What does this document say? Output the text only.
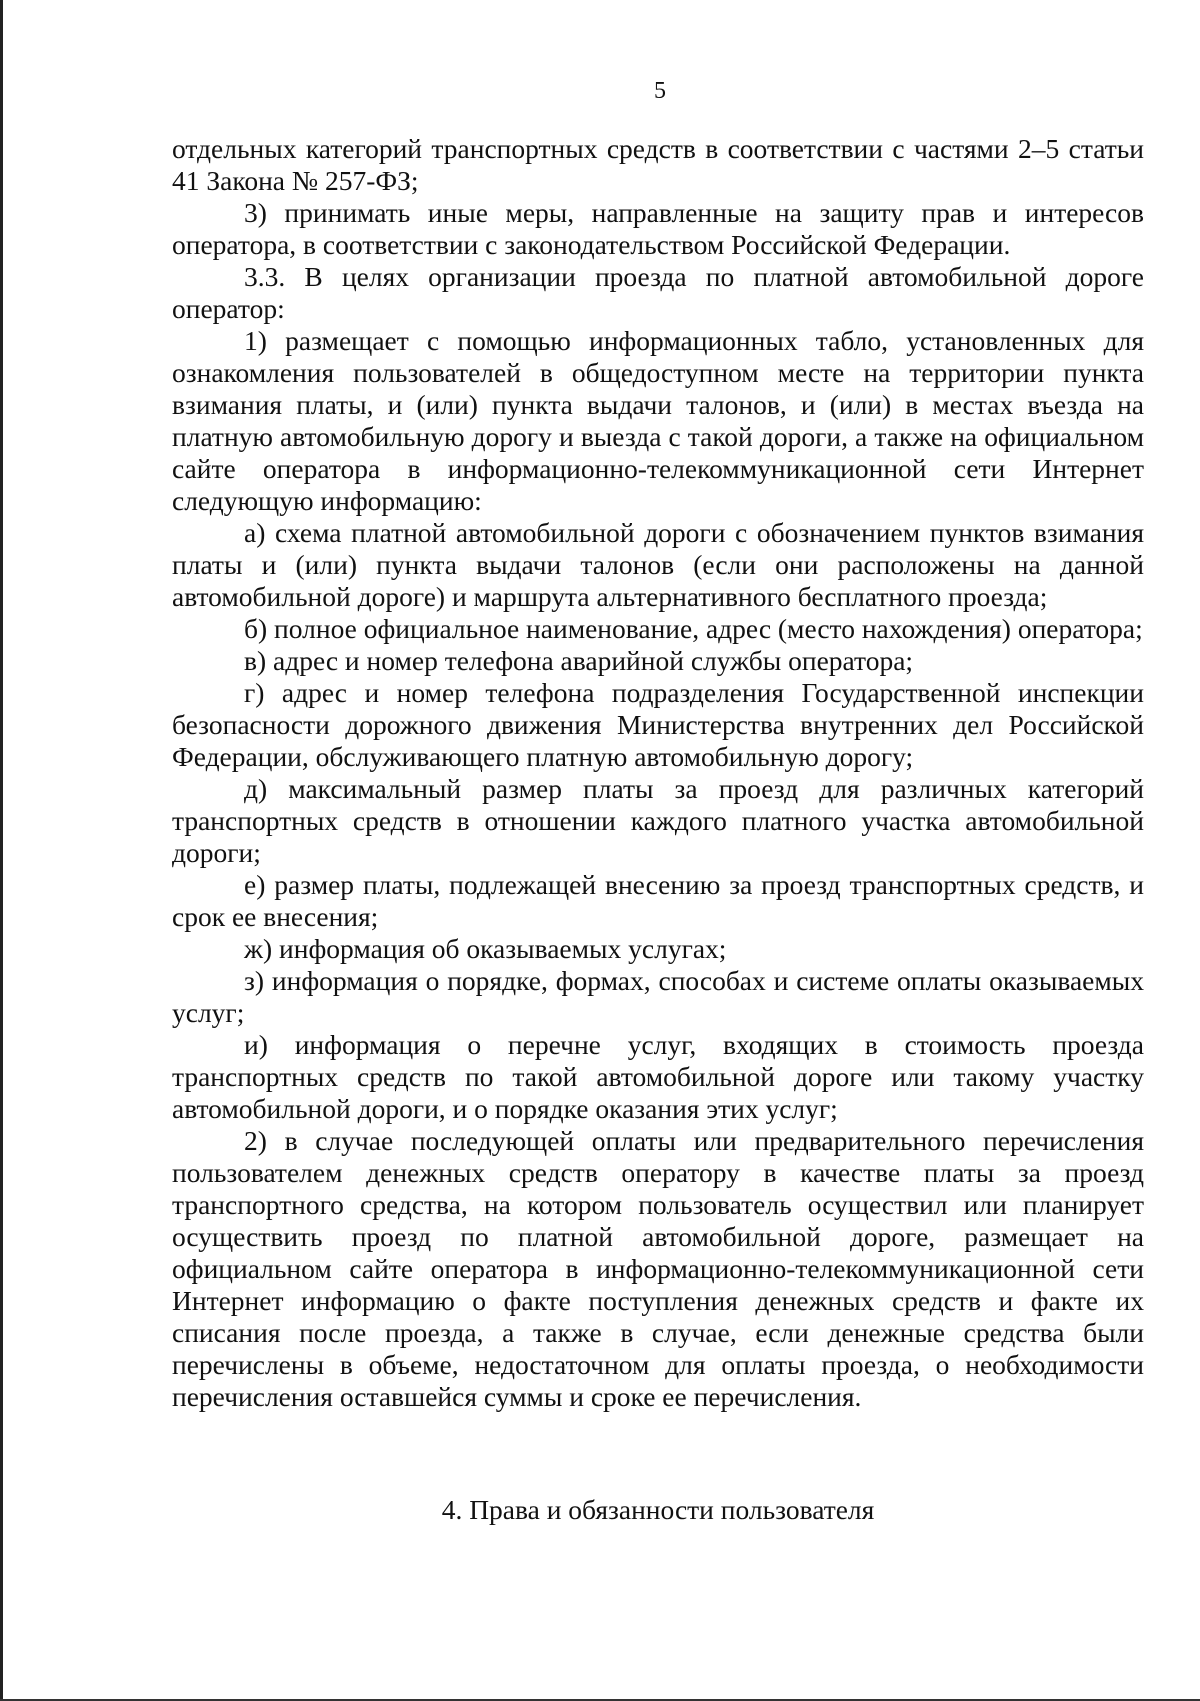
5

отдельных категорий транспортных средств в соответствии с частями 2–5 статьи 41 Закона № 257-ФЗ;

3) принимать иные меры, направленные на защиту прав и интересов оператора, в соответствии с законодательством Российской Федерации.

3.3. В целях организации проезда по платной автомобильной дороге оператор:

1) размещает с помощью информационных табло, установленных для ознакомления пользователей в общедоступном месте на территории пункта взимания платы, и (или) пункта выдачи талонов, и (или) в местах въезда на платную автомобильную дорогу и выезда с такой дороги, а также на официальном сайте оператора в информационно-телекоммуникационной сети Интернет следующую информацию:

а) схема платной автомобильной дороги с обозначением пунктов взимания платы и (или) пункта выдачи талонов (если они расположены на данной автомобильной дороге) и маршрута альтернативного бесплатного проезда;

б) полное официальное наименование, адрес (место нахождения) оператора;

в) адрес и номер телефона аварийной службы оператора;

г) адрес и номер телефона подразделения Государственной инспекции безопасности дорожного движения Министерства внутренних дел Российской Федерации, обслуживающего платную автомобильную дорогу;

д) максимальный размер платы за проезд для различных категорий транспортных средств в отношении каждого платного участка автомобильной дороги;

е) размер платы, подлежащей внесению за проезд транспортных средств, и срок ее внесения;

ж) информация об оказываемых услугах;

з) информация о порядке, формах, способах и системе оплаты оказываемых услуг;

и) информация о перечне услуг, входящих в стоимость проезда транспортных средств по такой автомобильной дороге или такому участку автомобильной дороги, и о порядке оказания этих услуг;

2) в случае последующей оплаты или предварительного перечисления пользователем денежных средств оператору в качестве платы за проезд транспортного средства, на котором пользователь осуществил или планирует осуществить проезд по платной автомобильной дороге, размещает на официальном сайте оператора в информационно-телекоммуникационной сети Интернет информацию о факте поступления денежных средств и факте их списания после проезда, а также в случае, если денежные средства были перечислены в объеме, недостаточном для оплаты проезда, о необходимости перечисления оставшейся суммы и сроке ее перечисления.

4. Права и обязанности пользователя
